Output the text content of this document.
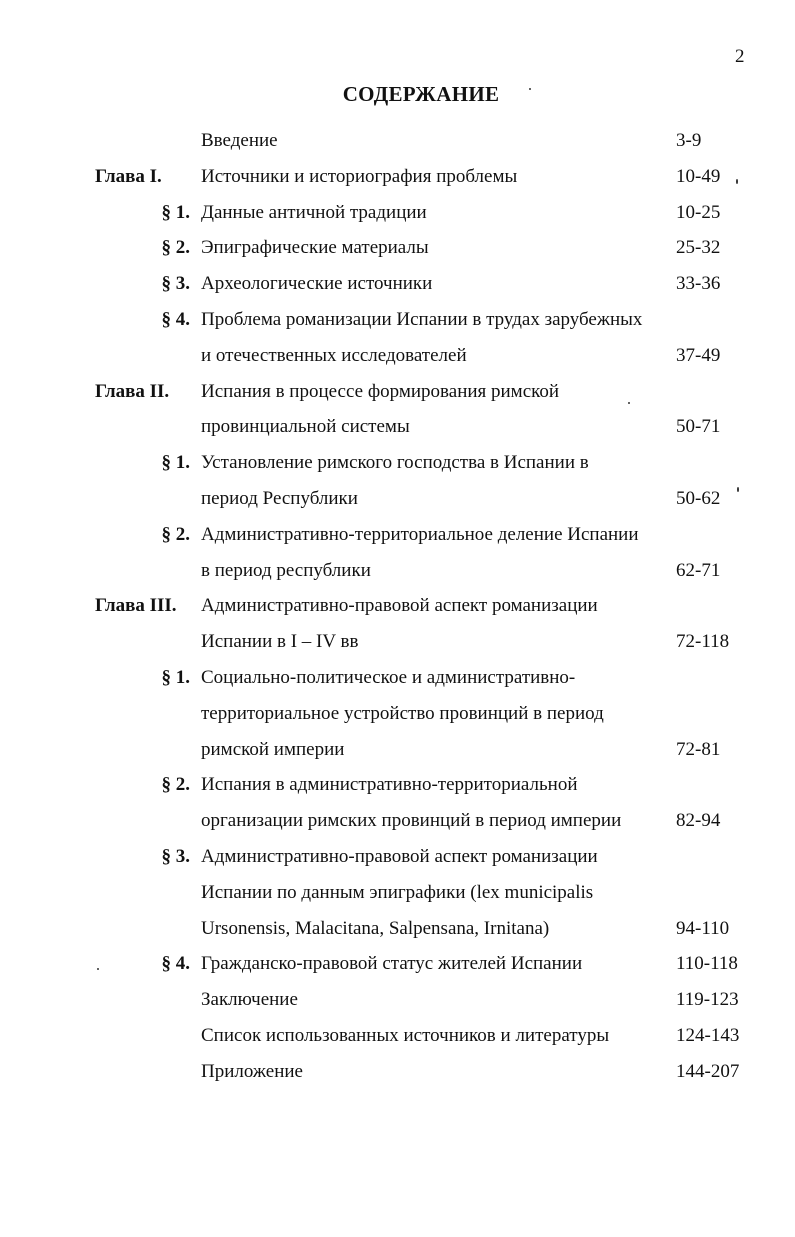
2
СОДЕРЖАНИЕ
Введение	3-9
Глава I. Источники и историография проблемы	10-49
§ 1. Данные античной традиции	10-25
§ 2. Эпиграфические материалы	25-32
§ 3. Археологические источники	33-36
§ 4. Проблема романизации Испании в трудах зарубежных
и отечественных исследователей	37-49
Глава II. Испания в процессе формирования римской
провинциальной системы	50-71
§ 1. Установление римского господства в Испании в
период Республики	50-62
§ 2. Административно-территориальное деление Испании
в период республики	62-71
Глава III. Административно-правовой аспект романизации
Испании в I – IV вв	72-118
§ 1. Социально-политическое и административно-
территориальное устройство провинций в период
римской империи	72-81
§ 2. Испания в административно-территориальной
организации римских провинций в период империи	82-94
§ 3. Административно-правовой аспект романизации
Испании по данным эпиграфики (lex municipalis
Ursonensis, Malacitana, Salpensana, Irnitana)	94-110
§ 4. Гражданско-правовой статус жителей Испании	110-118
Заключение	119-123
Список использованных источников и литературы	124-143
Приложение	144-207
